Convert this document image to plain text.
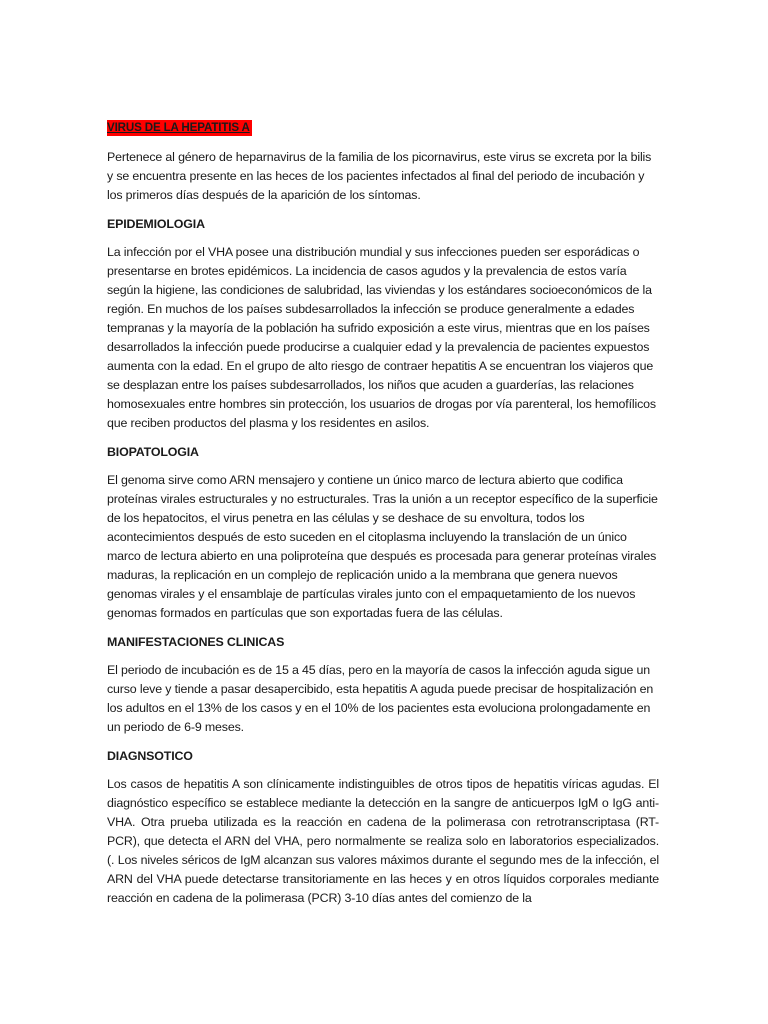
VIRUS DE LA HEPATITIS A

Pertenece al género de heparnavirus de la familia de los picornavirus, este virus se excreta por la bilis y se encuentra presente en las heces de los pacientes infectados al final del periodo de incubación y los primeros días después de la aparición de los síntomas.

EPIDEMIOLOGIA

La infección por el VHA posee una distribución mundial y sus infecciones pueden ser esporádicas o presentarse en brotes epidémicos. La incidencia de casos agudos y la prevalencia de estos varía según la higiene, las condiciones de salubridad, las viviendas y los estándares socioeconómicos de la región. En muchos de los países subdesarrollados la infección se produce generalmente a edades tempranas y la mayoría de la población ha sufrido exposición a este virus, mientras que en los países desarrollados la infección puede producirse a cualquier edad y la prevalencia de pacientes expuestos aumenta con la edad. En el grupo de alto riesgo de contraer hepatitis A se encuentran los viajeros que se desplazan entre los países subdesarrollados, los niños que acuden a guarderías, las relaciones homosexuales entre hombres sin protección, los usuarios de drogas por vía parenteral, los hemofílicos que reciben productos del plasma y los residentes en asilos.

BIOPATOLOGIA

El genoma sirve como ARN mensajero y contiene un único marco de lectura abierto que codifica proteínas virales estructurales y no estructurales. Tras la unión a un receptor específico de la superficie de los hepatocitos, el virus penetra en las células y se deshace de su envoltura, todos los acontecimientos después de esto suceden en el citoplasma incluyendo la translación de un único marco de lectura abierto en una poliproteína que después es procesada para generar proteínas virales maduras, la replicación en un complejo de replicación unido a la membrana que genera nuevos genomas virales y el ensamblaje de partículas virales junto con el empaquetamiento de los nuevos genomas formados en partículas que son exportadas fuera de las células.

MANIFESTACIONES CLINICAS

El periodo de incubación es de 15 a 45 días, pero en la mayoría de casos la infección aguda sigue un curso leve y tiende a pasar desapercibido, esta hepatitis A aguda puede precisar de hospitalización en los adultos en el 13% de los casos y en el 10% de los pacientes esta evoluciona prolongadamente en un periodo de 6-9 meses.

DIAGNSOTICO

Los casos de hepatitis A son clínicamente indistinguibles de otros tipos de hepatitis víricas agudas. El diagnóstico específico se establece mediante la detección en la sangre de anticuerpos IgM o IgG anti-VHA. Otra prueba utilizada es la reacción en cadena de la polimerasa con retrotranscriptasa (RT-PCR), que detecta el ARN del VHA, pero normalmente se realiza solo en laboratorios especializados. (. Los niveles séricos de IgM alcanzan sus valores máximos durante el segundo mes de la infección, el ARN del VHA puede detectarse transitoriamente en las heces y en otros líquidos corporales mediante reacción en cadena de la polimerasa (PCR) 3-10 días antes del comienzo de la
